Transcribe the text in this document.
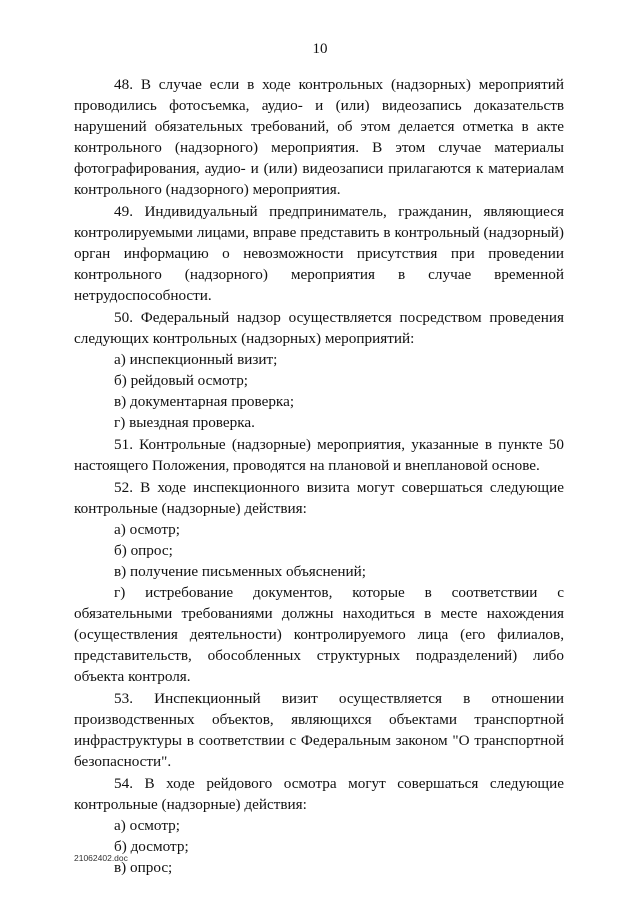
10

48. В случае если в ходе контрольных (надзорных) мероприятий проводились фотосъемка, аудио- и (или) видеозапись доказательств нарушений обязательных требований, об этом делается отметка в акте контрольного (надзорного) мероприятия. В этом случае материалы фотографирования, аудио- и (или) видеозаписи прилагаются к материалам контрольного (надзорного) мероприятия.

49. Индивидуальный предприниматель, гражданин, являющиеся контролируемыми лицами, вправе представить в контрольный (надзорный) орган информацию о невозможности присутствия при проведении контрольного (надзорного) мероприятия в случае временной нетрудоспособности.

50. Федеральный надзор осуществляется посредством проведения следующих контрольных (надзорных) мероприятий:

а) инспекционный визит;

б) рейдовый осмотр;

в) документарная проверка;

г) выездная проверка.

51. Контрольные (надзорные) мероприятия, указанные в пункте 50 настоящего Положения, проводятся на плановой и внеплановой основе.

52. В ходе инспекционного визита могут совершаться следующие контрольные (надзорные) действия:

а) осмотр;

б) опрос;

в) получение письменных объяснений;

г) истребование документов, которые в соответствии с обязательными требованиями должны находиться в месте нахождения (осуществления деятельности) контролируемого лица (его филиалов, представительств, обособленных структурных подразделений) либо объекта контроля.

53. Инспекционный визит осуществляется в отношении производственных объектов, являющихся объектами транспортной инфраструктуры в соответствии с Федеральным законом "О транспортной безопасности".

54. В ходе рейдового осмотра могут совершаться следующие контрольные (надзорные) действия:

а) осмотр;

б) досмотр;

в) опрос;

21062402.doc
